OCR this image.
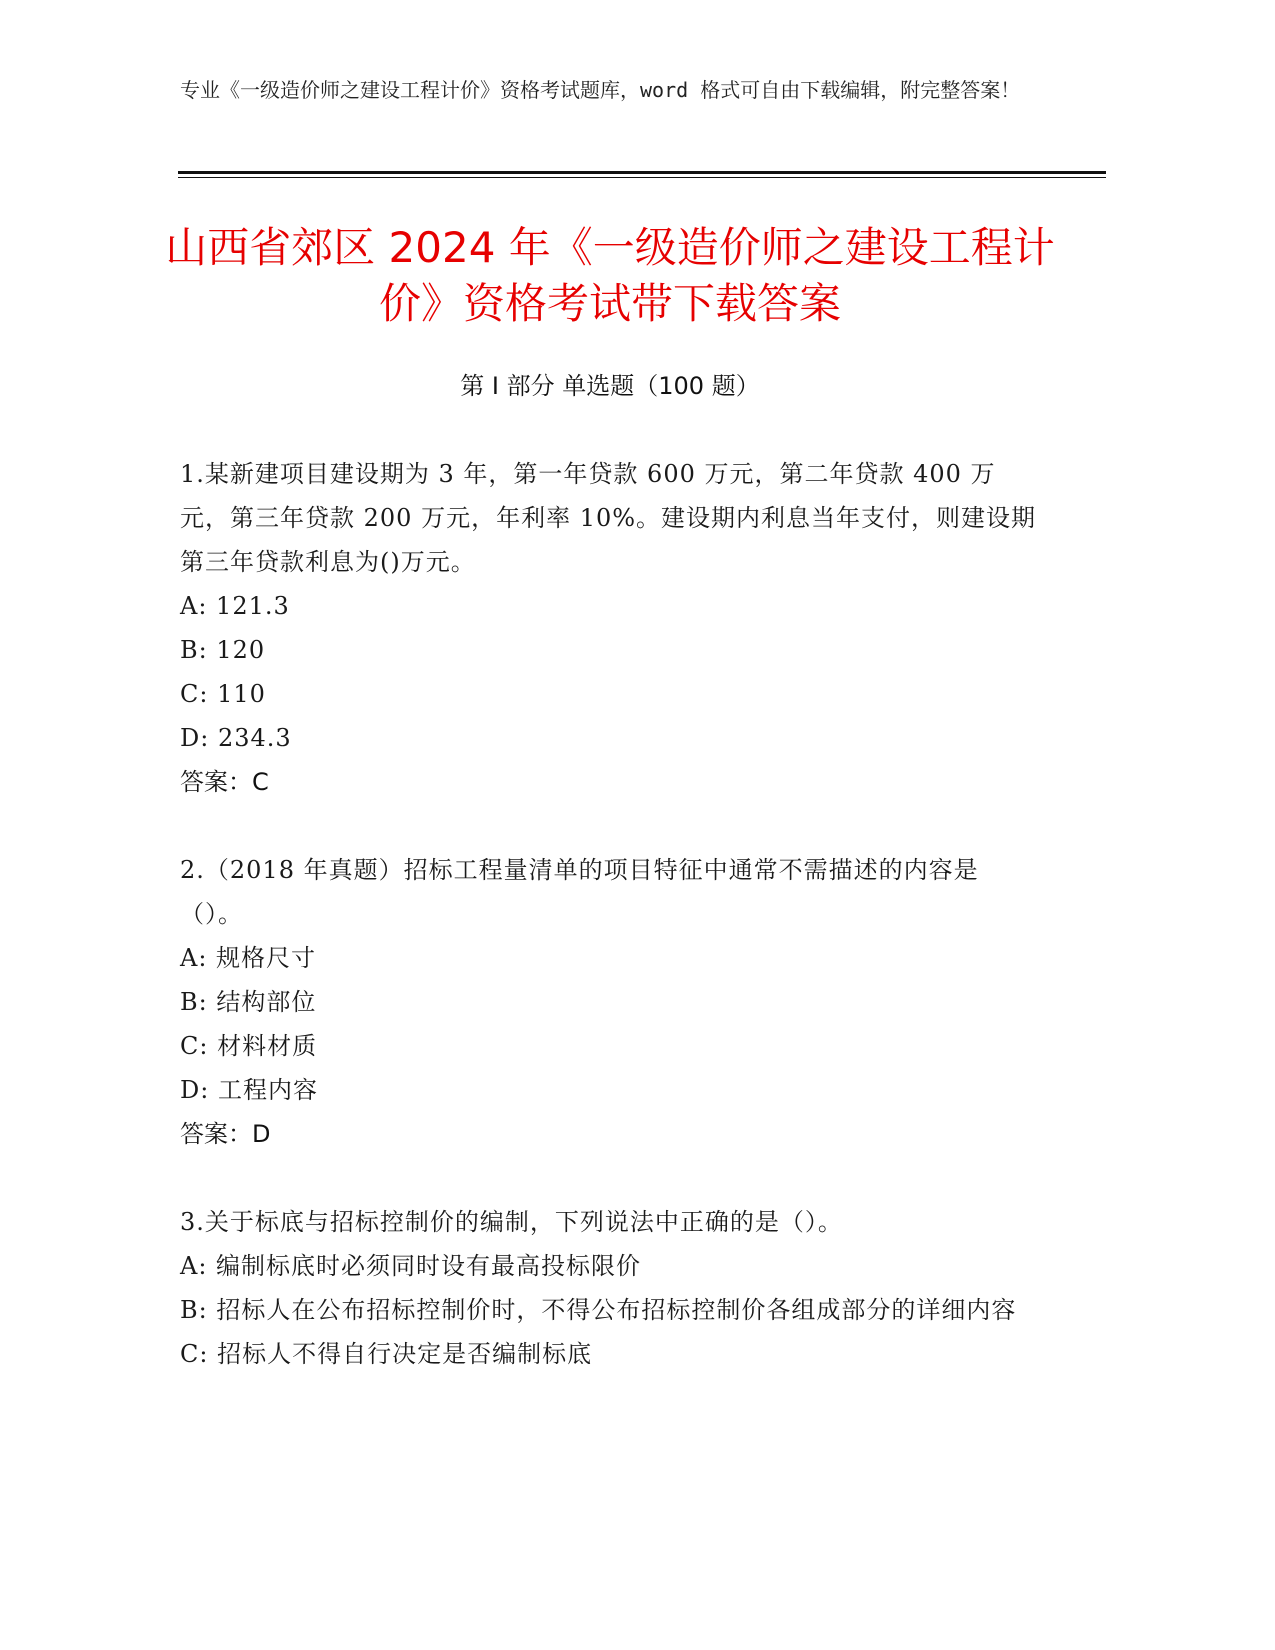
专业《一级造价师之建设工程计价》资格考试题库，word 格式可自由下载编辑，附完整答案！
山西省郊区 2024 年《一级造价师之建设工程计价》资格考试带下载答案
第 I 部分 单选题（100 题）
1.某新建项目建设期为 3 年，第一年贷款 600 万元，第二年贷款 400 万元，第三年贷款 200 万元，年利率 10%。建设期内利息当年支付，则建设期第三年贷款利息为()万元。
A: 121.3
B: 120
C: 110
D: 234.3
答案：C
2.（2018 年真题）招标工程量清单的项目特征中通常不需描述的内容是（）。
A: 规格尺寸
B: 结构部位
C: 材料材质
D: 工程内容
答案：D
3.关于标底与招标控制价的编制，下列说法中正确的是（）。
A: 编制标底时必须同时设有最高投标限价
B: 招标人在公布招标控制价时，不得公布招标控制价各组成部分的详细内容
C: 招标人不得自行决定是否编制标底
